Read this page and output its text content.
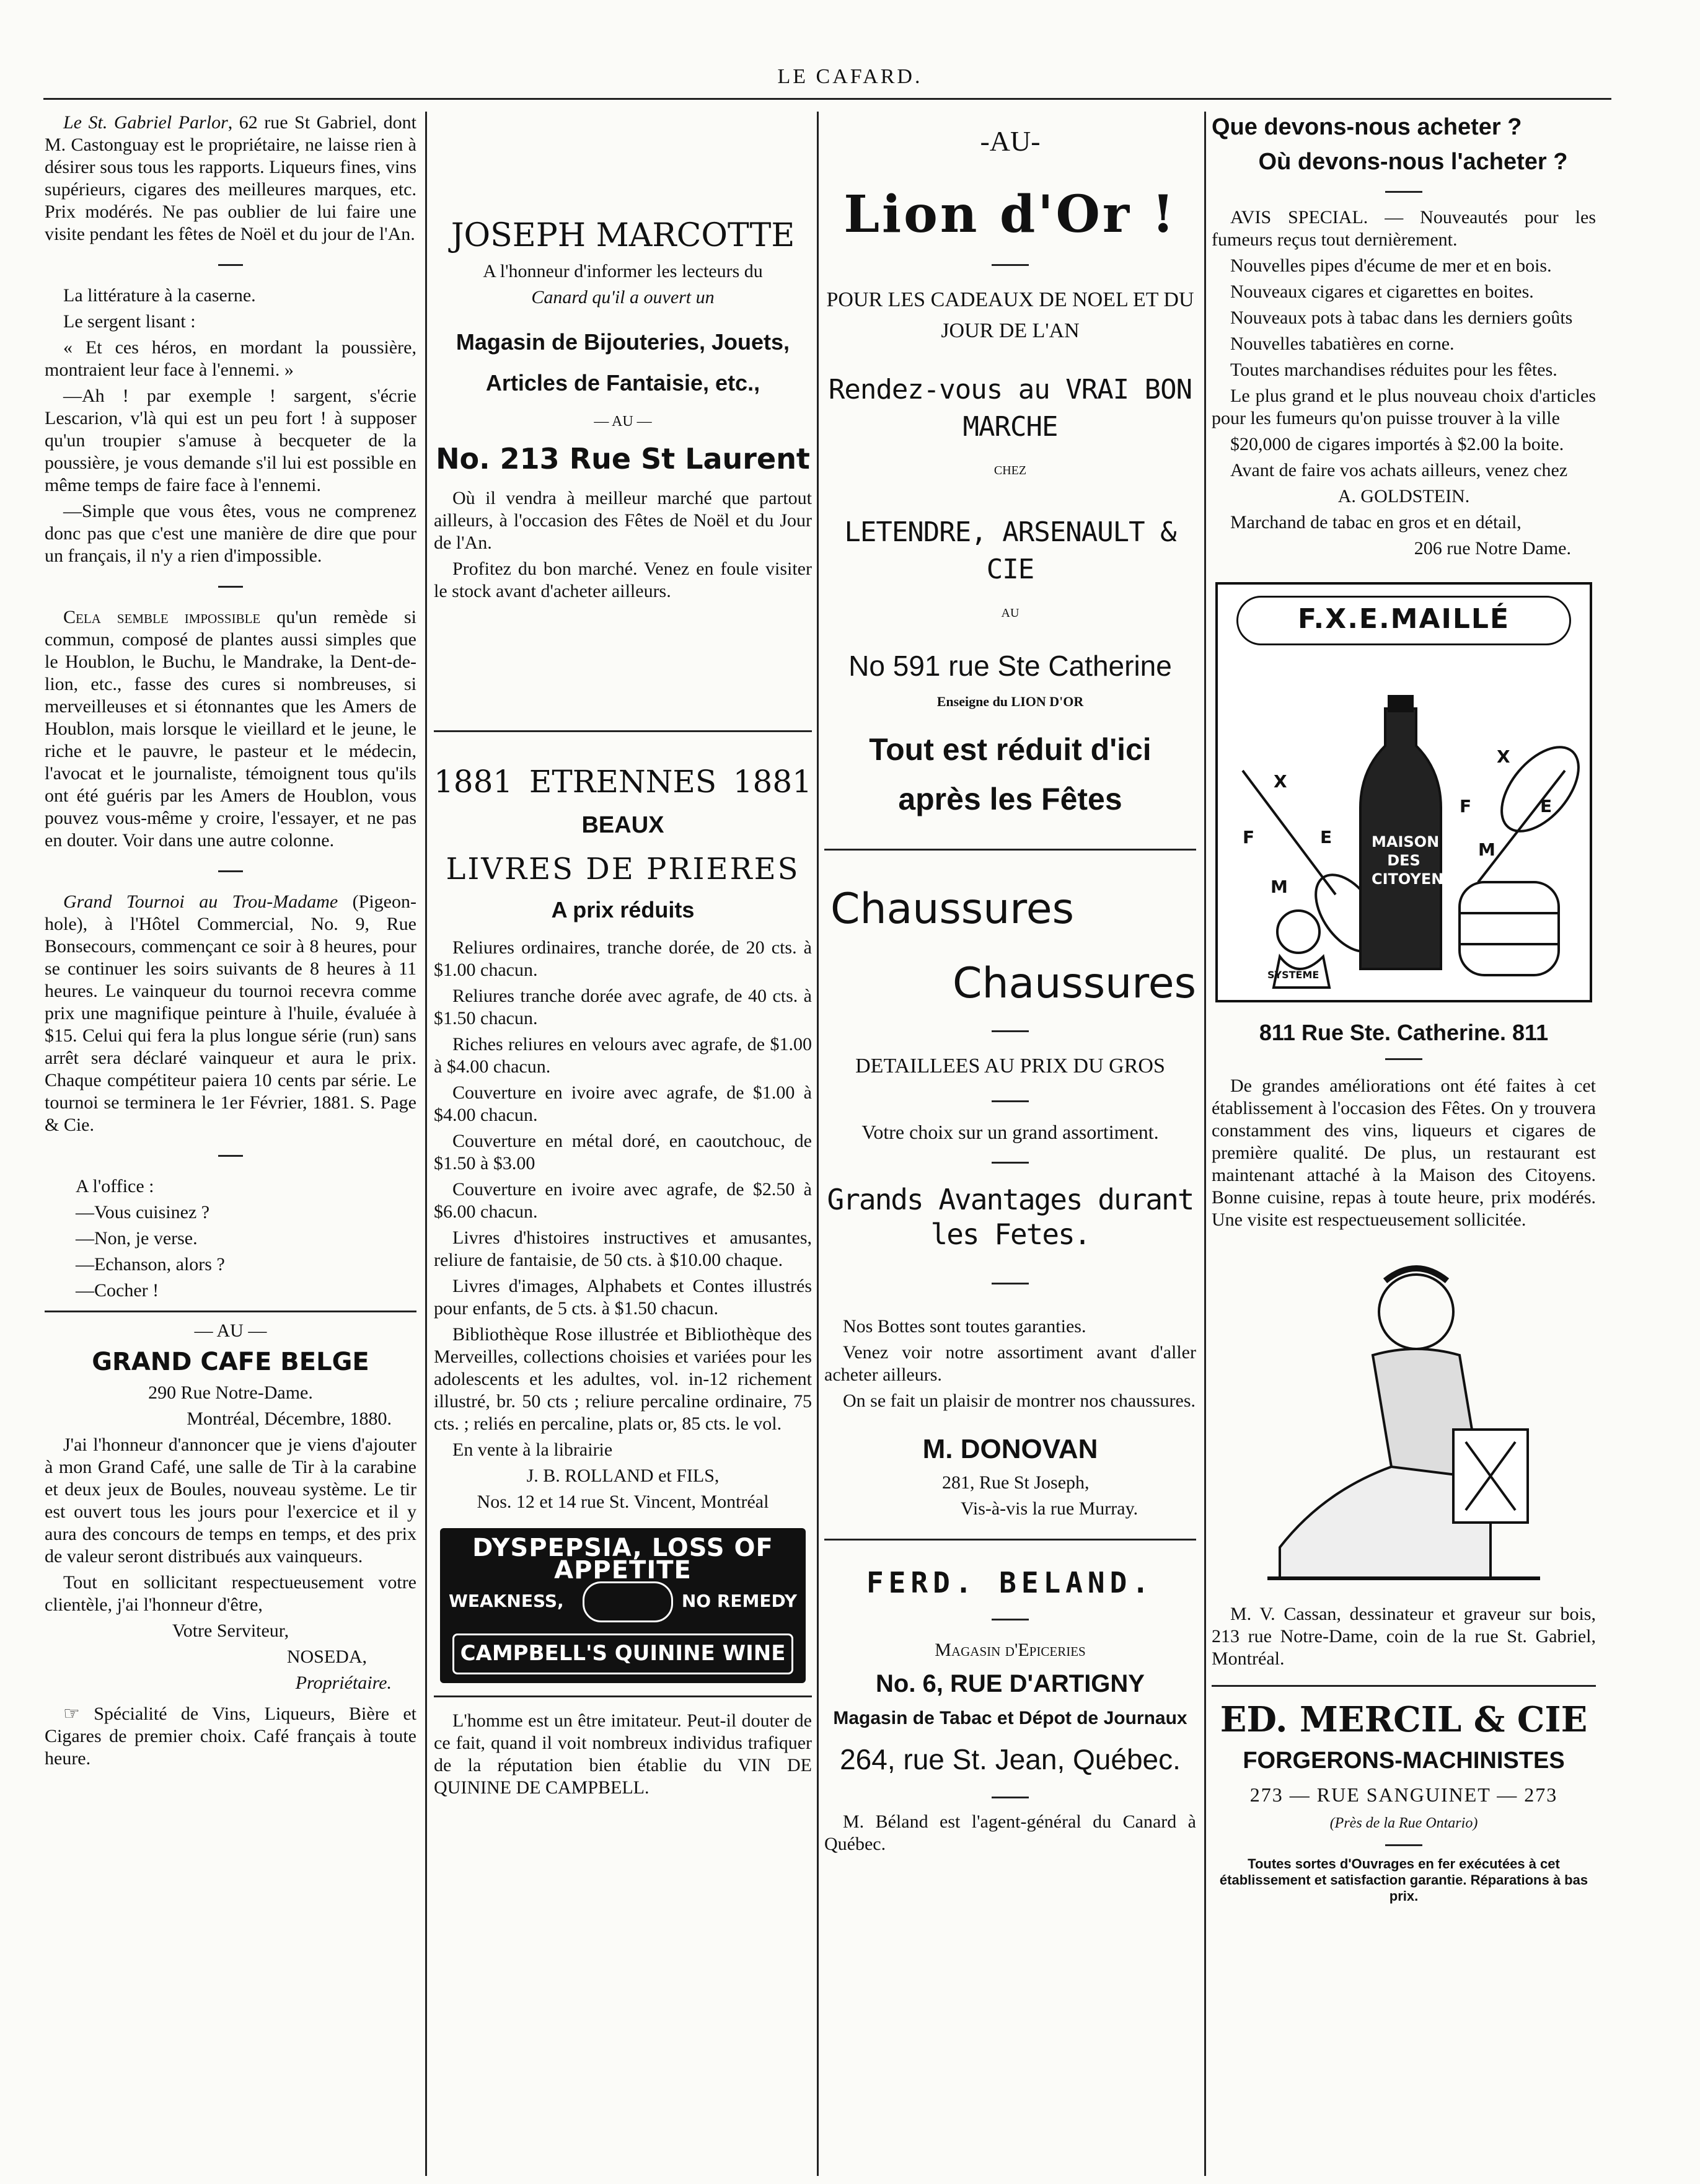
LE CAFARD.

Le St. Gabriel Parlor, 62 rue St Gabriel, dont M. Castonguay est le propriétaire, ne laisse rien à désirer sous tous les rapports. Liqueurs fines, vins supérieurs, cigares des meilleures marques, etc. Prix modérés. Ne pas oublier de lui faire une visite pendant les fêtes de Noël et du jour de l'An.

La littérature à la caserne.

Le sergent lisant :

« Et ces héros, en mordant la poussière, montraient leur face à l'ennemi. »

—Ah ! par exemple ! sargent, s'écrie Lescarion, v'là qui est un peu fort ! à supposer qu'un troupier s'amuse à becqueter de la poussière, je vous demande s'il lui est possible en même temps de faire face à l'ennemi.

—Simple que vous êtes, vous ne comprenez donc pas que c'est une manière de dire que pour un français, il n'y a rien d'impossible.

Cela semble impossible qu'un remède si commun, composé de plantes aussi simples que le Houblon, le Buchu, le Mandrake, la Dent-de-lion, etc., fasse des cures si nombreuses, si merveilleuses et si étonnantes que les Amers de Houblon, mais lorsque le vieillard et le jeune, le riche et le pauvre, le pasteur et le médecin, l'avocat et le journaliste, témoignent tous qu'ils ont été guéris par les Amers de Houblon, vous pouvez vous-même y croire, l'essayer, et ne pas en douter. Voir dans une autre colonne.

Grand Tournoi au Trou-Madame (Pigeon-hole), à l'Hôtel Commercial, No. 9, Rue Bonsecours, commençant ce soir à 8 heures, pour se continuer les soirs suivants de 8 heures à 11 heures. Le vainqueur du tournoi recevra comme prix une magnifique peinture à l'huile, évaluée à $15. Celui qui fera la plus longue série (run) sans arrêt sera déclaré vainqueur et aura le prix. Chaque compétiteur paiera 10 cents par série. Le tournoi se terminera le 1er Février, 1881. S. Page & Cie.

A l'office :

—Vous cuisinez ?

—Non, je verse.

—Echanson, alors ?

—Cocher !

— AU —

GRAND CAFE BELGE

290 Rue Notre-Dame.

Montréal, Décembre, 1880.

J'ai l'honneur d'annoncer que je viens d'ajouter à mon Grand Café, une salle de Tir à la carabine et deux jeux de Boules, nouveau système. Le tir est ouvert tous les jours pour l'exercice et il y aura des concours de temps en temps, et des prix de valeur seront distribués aux vainqueurs.

Tout en sollicitant respectueusement votre clientèle, j'ai l'honneur d'être,

Votre Serviteur,

NOSEDA,

Propriétaire.

☞ Spécialité de Vins, Liqueurs, Bière et Cigares de premier choix. Café français à toute heure.

JOSEPH MARCOTTE

A l'honneur d'informer les lecteurs du

Canard qu'il a ouvert un

Magasin de Bijouteries, Jouets,

Articles de Fantaisie, etc.,

— AU —

No. 213 Rue St Laurent

Où il vendra à meilleur marché que partout ailleurs, à l'occasion des Fêtes de Noël et du Jour de l'An.

Profitez du bon marché. Venez en foule visiter le stock avant d'acheter ailleurs.

1881 ETRENNES 1881

BEAUX

LIVRES DE PRIERES

A prix réduits

Reliures ordinaires, tranche dorée, de 20 cts. à $1.00 chacun.

Reliures tranche dorée avec agrafe, de 40 cts. à $1.50 chacun.

Riches reliures en velours avec agrafe, de $1.00 à $4.00 chacun.

Couverture en ivoire avec agrafe, de $1.00 à $4.00 chacun.

Couverture en métal doré, en caoutchouc, de $1.50 à $3.00

Couverture en ivoire avec agrafe, de $2.50 à $6.00 chacun.

Livres d'histoires instructives et amusantes, reliure de fantaisie, de 50 cts. à $10.00 chaque.

Livres d'images, Alphabets et Contes illustrés pour enfants, de 5 cts. à $1.50 chacun.

Bibliothèque Rose illustrée et Bibliothèque des Merveilles, collections choisies et variées pour les adolescents et les adultes, vol. in-12 richement illustré, br. 50 cts ; reliure percaline ordinaire, 75 cts. ; reliés en percaline, plats or, 85 cts. le vol.

En vente à la librairie

J. B. ROLLAND et FILS,

Nos. 12 et 14 rue St. Vincent, Montréal

DYSPEPSIA, LOSS OF APPETITE
WEAKNESS,	NO REMEDY
CAMPBELL'S QUININE WINE

L'homme est un être imitateur. Peut-il douter de ce fait, quand il voit nombreux individus trafiquer de la réputation bien établie du VIN DE QUININE DE CAMPBELL.

-AU-

Lion d'Or !

POUR LES CADEAUX DE NOEL ET DU JOUR DE L'AN

Rendez-vous au VRAI BON MARCHE

CHEZ

LETENDRE, ARSENAULT & CIE

AU

No 591 rue Ste Catherine

Enseigne du LION D'OR

Tout est réduit d'ici après les Fêtes

Chaussures

Chaussures

DETAILLEES AU PRIX DU GROS

Votre choix sur un grand assortiment.

Grands Avantages durant les Fetes.

Nos Bottes sont toutes garanties.

Venez voir notre assortiment avant d'aller acheter ailleurs.

On se fait un plaisir de montrer nos chaussures.

M. DONOVAN

281, Rue St Joseph,

Vis-à-vis la rue Murray.

FERD. BELAND.

Magasin d'Epiceries

No. 6, RUE D'ARTIGNY

Magasin de Tabac et Dépot de Journaux

264, rue St. Jean, Québec.

M. Béland est l'agent-général du Canard à Québec.

Que devons-nous acheter ?

Où devons-nous l'acheter ?

AVIS SPECIAL. — Nouveautés pour les fumeurs reçus tout dernièrement.

Nouvelles pipes d'écume de mer et en bois.

Nouveaux cigares et cigarettes en boites.

Nouveaux pots à tabac dans les derniers goûts

Nouvelles tabatières en corne.

Toutes marchandises réduites pour les fêtes.

Le plus grand et le plus nouveau choix d'articles pour les fumeurs qu'on puisse trouver à la ville

$20,000 de cigares importés à $2.00 la boite.

Avant de faire vos achats ailleurs, venez chez

A. GOLDSTEIN.

Marchand de tabac en gros et en détail,

206 rue Notre Dame.

F.X.E.MAILLÉ
MAISON DES CITOYENS
X
F	E
M
X
F	E
M
SYSTÈME

811 Rue Ste. Catherine. 811

De grandes améliorations ont été faites à cet établissement à l'occasion des Fêtes. On y trouvera constamment des vins, liqueurs et cigares de première qualité. De plus, un restaurant est maintenant attaché à la Maison des Citoyens. Bonne cuisine, repas à toute heure, prix modérés. Une visite est respectueusement sollicitée.

M. V. Cassan, dessinateur et graveur sur bois, 213 rue Notre-Dame, coin de la rue St. Gabriel, Montréal.

ED. MERCIL & CIE

FORGERONS-MACHINISTES

273 — RUE SANGUINET — 273

(Près de la Rue Ontario)

Toutes sortes d'Ouvrages en fer exécutées à cet établissement et satisfaction garantie. Réparations à bas prix.
